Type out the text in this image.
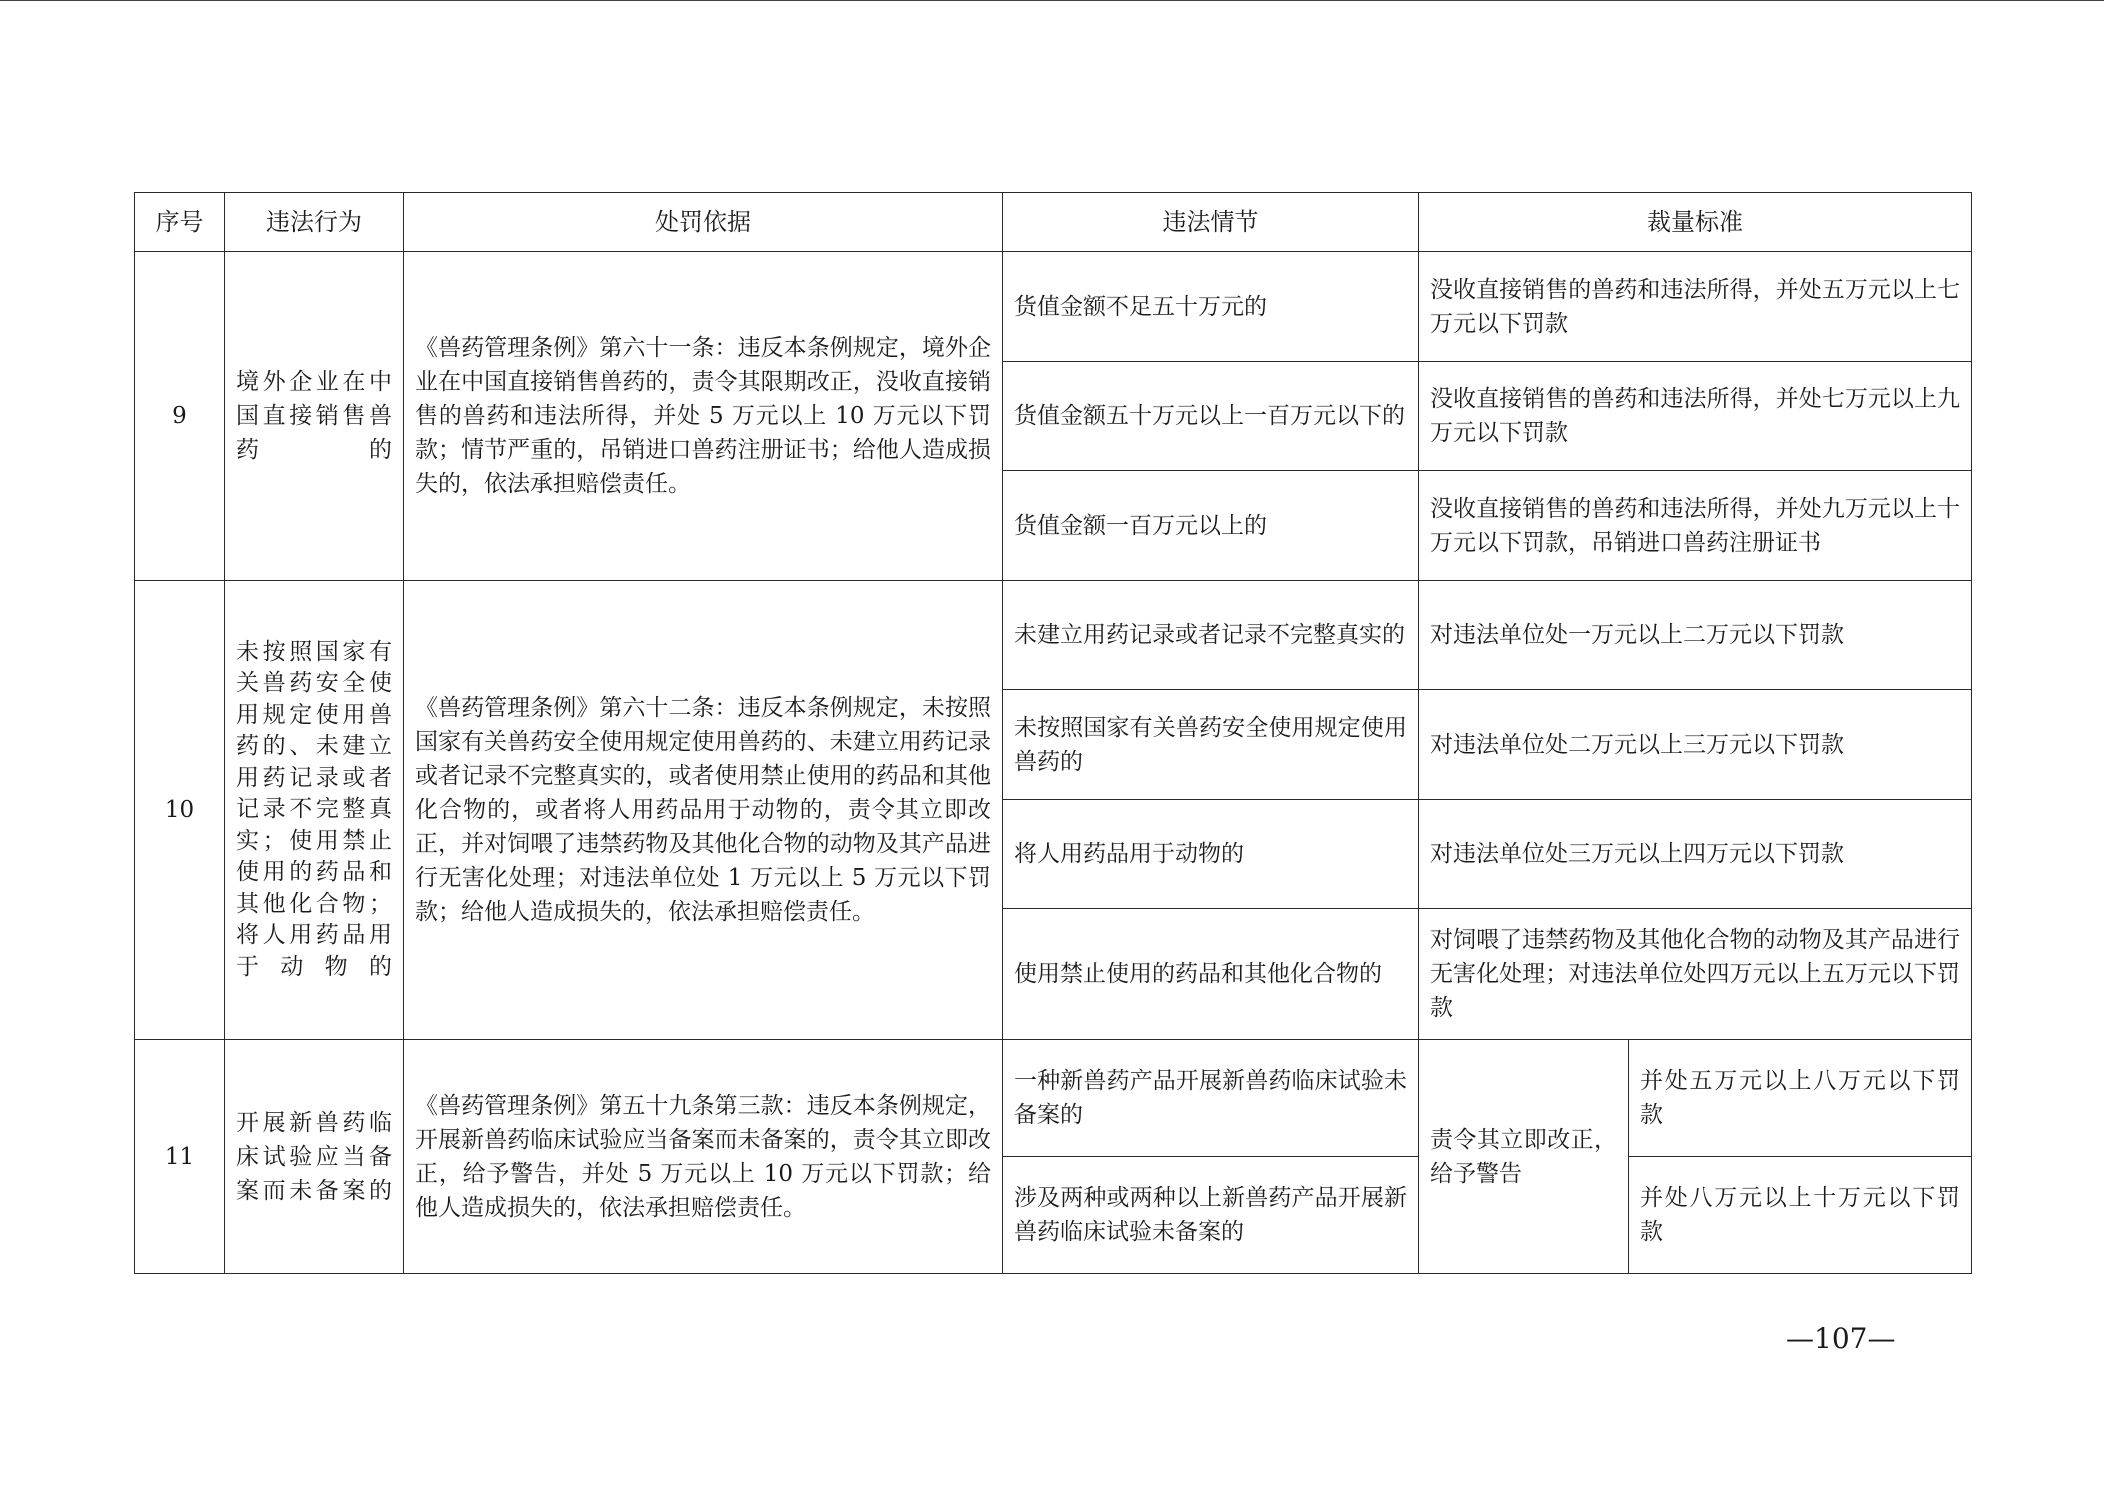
序号	违法行为	处罚依据	违法情节	裁量标准	
9	境外企业在中国直接销售兽药的	《兽药管理条例》第六十一条：违反本条例规定，境外企业在中国直接销售兽药的，责令其限期改正，没收直接销售的兽药和违法所得，并处 5 万元以上 10 万元以下罚款；情节严重的，吊销进口兽药注册证书；给他人造成损失的，依法承担赔偿责任。	货值金额不足五十万元的	没收直接销售的兽药和违法所得，并处五万元以上七万元以下罚款	
			货值金额五十万元以上一百万元以下的	没收直接销售的兽药和违法所得，并处七万元以上九万元以下罚款	
			货值金额一百万元以上的	没收直接销售的兽药和违法所得，并处九万元以上十万元以下罚款，吊销进口兽药注册证书	
10	未按照国家有关兽药安全使用规定使用兽药的、未建立用药记录或者记录不完整真实；使用禁止使用的药品和其他化合物；将人用药品用于动物的	《兽药管理条例》第六十二条：违反本条例规定，未按照国家有关兽药安全使用规定使用兽药的、未建立用药记录或者记录不完整真实的，或者使用禁止使用的药品和其他化合物的，或者将人用药品用于动物的，责令其立即改正，并对饲喂了违禁药物及其他化合物的动物及其产品进行无害化处理；对违法单位处 1 万元以上 5 万元以下罚款；给他人造成损失的，依法承担赔偿责任。	未建立用药记录或者记录不完整真实的	对违法单位处一万元以上二万元以下罚款	
			未按照国家有关兽药安全使用规定使用兽药的	对违法单位处二万元以上三万元以下罚款	
			将人用药品用于动物的	对违法单位处三万元以上四万元以下罚款	
			使用禁止使用的药品和其他化合物的	对饲喂了违禁药物及其他化合物的动物及其产品进行无害化处理；对违法单位处四万元以上五万元以下罚款	
11	开展新兽药临床试验应当备案而未备案的	《兽药管理条例》第五十九条第三款：违反本条例规定，开展新兽药临床试验应当备案而未备案的，责令其立即改正，给予警告，并处 5 万元以上 10 万元以下罚款；给他人造成损失的，依法承担赔偿责任。	一种新兽药产品开展新兽药临床试验未备案的	责令其立即改正，给予警告	并处五万元以上八万元以下罚款
			涉及两种或两种以上新兽药产品开展新兽药临床试验未备案的		并处八万元以上十万元以下罚款
—107—
